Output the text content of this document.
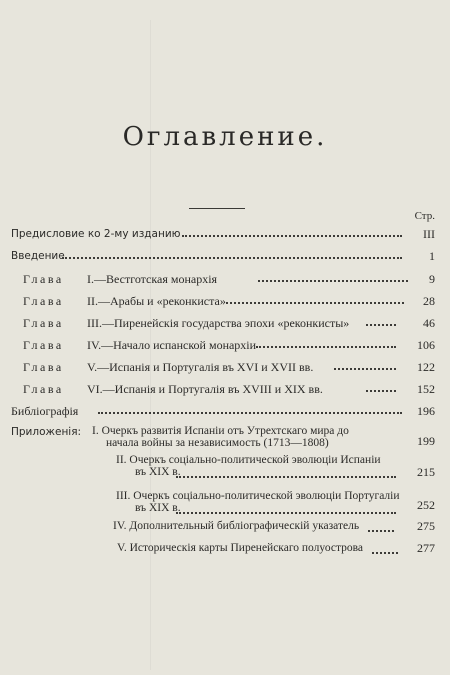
Оглавление.
Стр.
Предисловие ко 2-му изданию	III
Введение	1
Глава I.—Вестготская монархія	9
Глава II.—Арабы и «реконкиста»	28
Глава III.—Пиренейскія государства эпохи «реконкисты»	46
Глава IV.—Начало испанской монархіи	106
Глава V.—Испанія и Португалія въ XVI и XVII вв.	122
Глава VI.—Испанія и Португалія въ XVIII и XIX вв.	152
Библіографія	196
Приложенія: I. Очеркъ развитія Испаніи отъ Утрехтскаго мира до
начала войны за независимость (1713—1808)	199
II. Очеркъ соціально-политической эволюціи Испаніи
въ XIX в.	215
III. Очеркъ соціально-политической эволюціи Португаліи
въ XIX в.	252
IV. Дополнительный библіографическій указатель	275
V. Историческія карты Пиренейскаго полуострова	277
